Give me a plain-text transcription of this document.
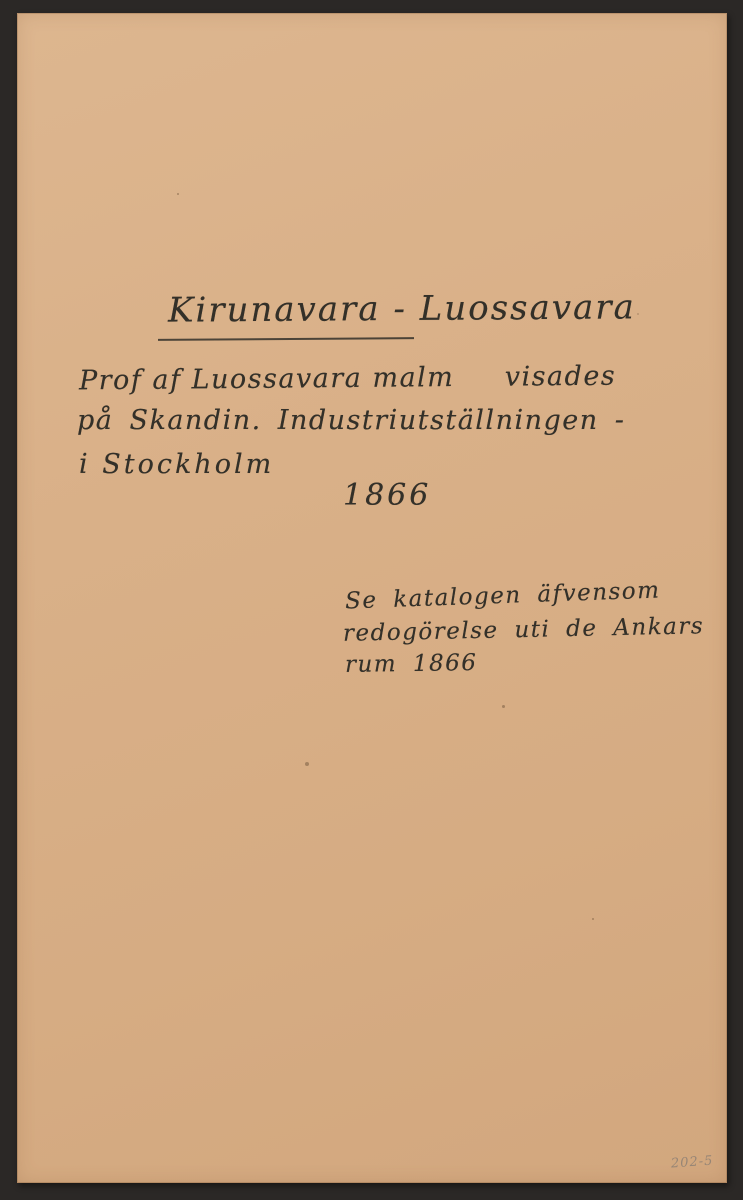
Kirunavara - Luossavara
Prof af Luossavara malm     visades
på Skandin. Industriutställningen -
i Stockholm
1866
Se katalogen äfvensom
redogörelse uti de Ankars
rum 1866
202-5
